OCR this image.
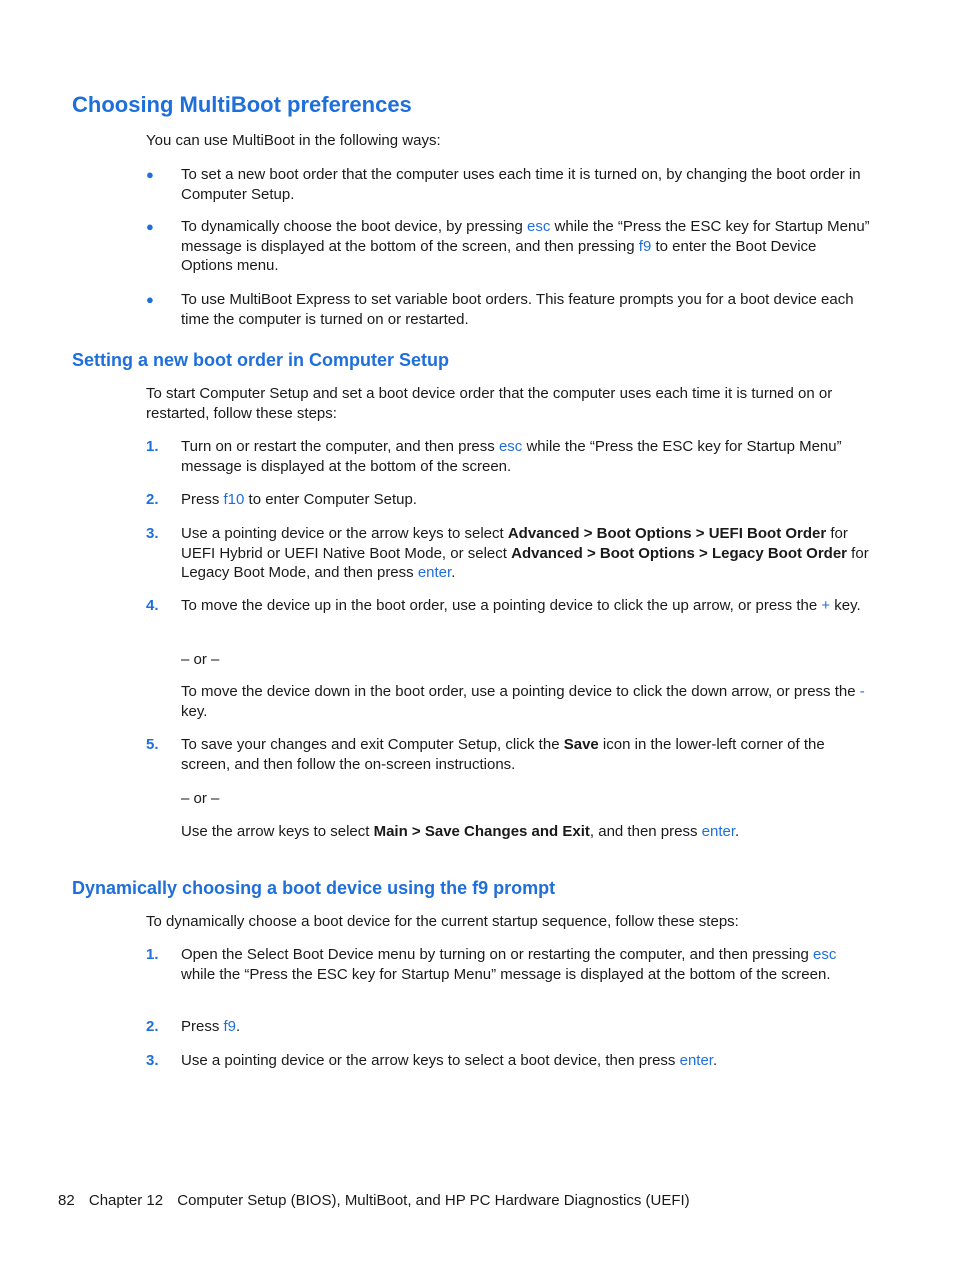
Choosing MultiBoot preferences

You can use MultiBoot in the following ways:

●	To set a new boot order that the computer uses each time it is turned on, by changing the boot order in Computer Setup.
●	To dynamically choose the boot device, by pressing esc while the “Press the ESC key for Startup Menu” message is displayed at the bottom of the screen, and then pressing f9 to enter the Boot Device Options menu.
●	To use MultiBoot Express to set variable boot orders. This feature prompts you for a boot device each time the computer is turned on or restarted.
Setting a new boot order in Computer Setup

To start Computer Setup and set a boot device order that the computer uses each time it is turned on or restarted, follow these steps:

1.	Turn on or restart the computer, and then press esc while the “Press the ESC key for Startup Menu” message is displayed at the bottom of the screen.
2.	Press f10 to enter Computer Setup.
3.	Use a pointing device or the arrow keys to select Advanced > Boot Options > UEFI Boot Order for UEFI Hybrid or UEFI Native Boot Mode, or select Advanced > Boot Options > Legacy Boot Order for Legacy Boot Mode, and then press enter.
4.	To move the device up in the boot order, use a pointing device to click the up arrow, or press the + key.

– or –

To move the device down in the boot order, use a pointing device to click the down arrow, or press the - key.

5.	To save your changes and exit Computer Setup, click the Save icon in the lower-left corner of the screen, and then follow the on-screen instructions.

– or –

Use the arrow keys to select Main > Save Changes and Exit, and then press enter.

Dynamically choosing a boot device using the f9 prompt

To dynamically choose a boot device for the current startup sequence, follow these steps:

1.	Open the Select Boot Device menu by turning on or restarting the computer, and then pressing esc while the “Press the ESC key for Startup Menu” message is displayed at the bottom of the screen.
2.	Press f9.
3.	Use a pointing device or the arrow keys to select a boot device, then press enter.
82 Chapter 12 Computer Setup (BIOS), MultiBoot, and HP PC Hardware Diagnostics (UEFI)
